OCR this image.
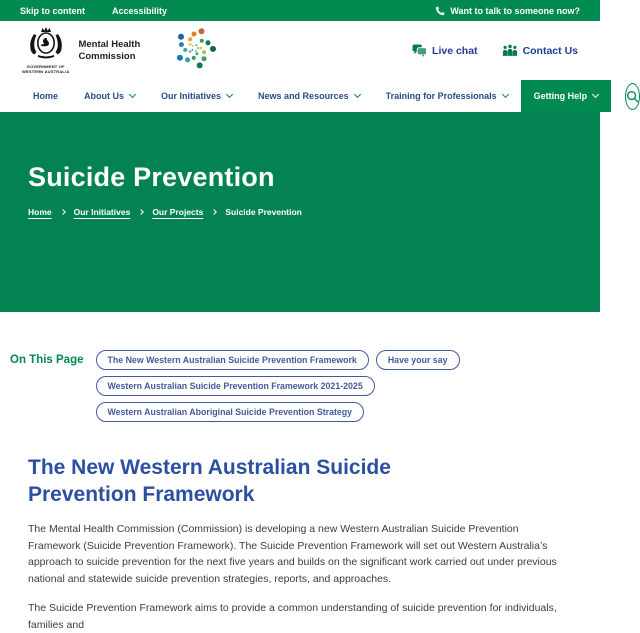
Skip to content	Accessibility	Want to talk to someone now?
GOVERNMENT OF
WESTERN AUSTRALIA
Mental Health
Commission	Live chat	Contact Us
Home	About Us	Our Initiatives	News and Resources	Training for Professionals	Getting Help
Suicide Prevention
Home	Our Initiatives	Our Projects	Suicide Prevention
On This Page	The New Western Australian Suicide Prevention Framework	Have your say
Western Australian Suicide Prevention Framework 2021-2025
Western Australian Aboriginal Suicide Prevention Strategy
The New Western Australian Suicide Prevention Framework

The Mental Health Commission (Commission) is developing a new Western Australian Suicide Prevention Framework (Suicide Prevention Framework). The Suicide Prevention Framework will set out Western Australia’s approach to suicide prevention for the next five years and builds on the significant work carried out under previous national and statewide suicide prevention strategies, reports, and approaches.

The Suicide Prevention Framework aims to provide a common understanding of suicide prevention for individuals, families and
